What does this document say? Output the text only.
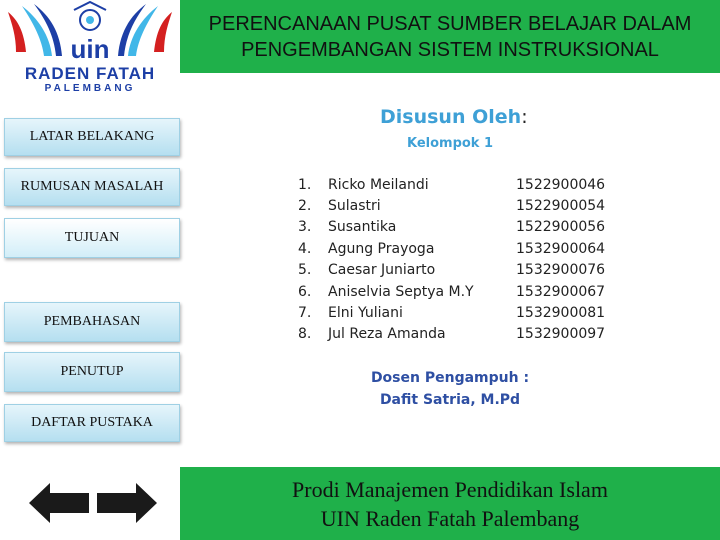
uin
RADEN FATAH
PALEMBANG
PERENCANAAN PUSAT SUMBER BELAJAR DALAM
PENGEMBANGAN SISTEM INSTRUKSIONAL
LATAR BELAKANG
RUMUSAN MASALAH
TUJUAN
PEMBAHASAN
PENUTUP
DAFTAR PUSTAKA
Disusun Oleh:
Kelompok 1
1.	Ricko Meilandi	1522900046
2.	Sulastri	1522900054
3.	Susantika	1522900056
4.	Agung Prayoga	1532900064
5.	Caesar Juniarto	1532900076
6.	Aniselvia Septya M.Y	1532900067
7.	Elni Yuliani	1532900081
8.	Jul Reza Amanda	1532900097
Dosen Pengampuh :
Dafit Satria, M.Pd
Prodi Manajemen Pendidikan Islam
UIN Raden Fatah Palembang
